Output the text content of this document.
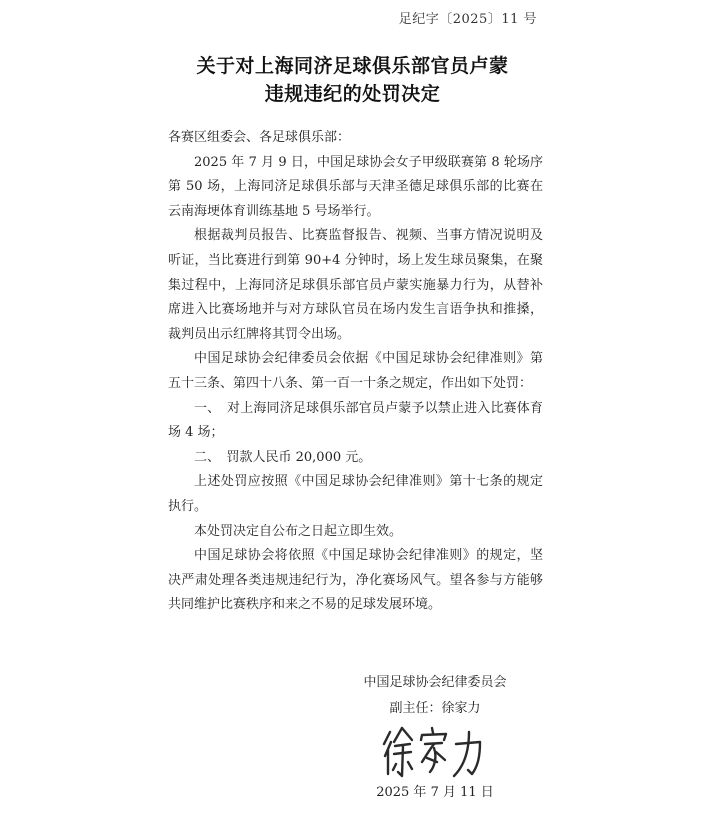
足纪字〔2025〕11 号
关于对上海同济足球俱乐部官员卢蒙
违规违纪的处罚决定

各赛区组委会、各足球俱乐部：

2025 年 7 月 9 日，中国足球协会女子甲级联赛第 8 轮场序第 50 场，上海同济足球俱乐部与天津圣德足球俱乐部的比赛在云南海埂体育训练基地 5 号场举行。

根据裁判员报告、比赛监督报告、视频、当事方情况说明及听证，当比赛进行到第 90+4 分钟时，场上发生球员聚集，在聚集过程中，上海同济足球俱乐部官员卢蒙实施暴力行为，从替补席进入比赛场地并与对方球队官员在场内发生言语争执和推搡，裁判员出示红牌将其罚令出场。

中国足球协会纪律委员会依据《中国足球协会纪律准则》第五十三条、第四十八条、第一百一十条之规定，作出如下处罚：

一、　对上海同济足球俱乐部官员卢蒙予以禁止进入比赛体育场 4 场；

二、　罚款人民币 20,000 元。

上述处罚应按照《中国足球协会纪律准则》第十七条的规定执行。

本处罚决定自公布之日起立即生效。

中国足球协会将依照《中国足球协会纪律准则》的规定，坚决严肃处理各类违规违纪行为，净化赛场风气。望各参与方能够共同维护比赛秩序和来之不易的足球发展环境。

中国足球协会纪律委员会
副主任：徐家力
2025 年 7 月 11 日
